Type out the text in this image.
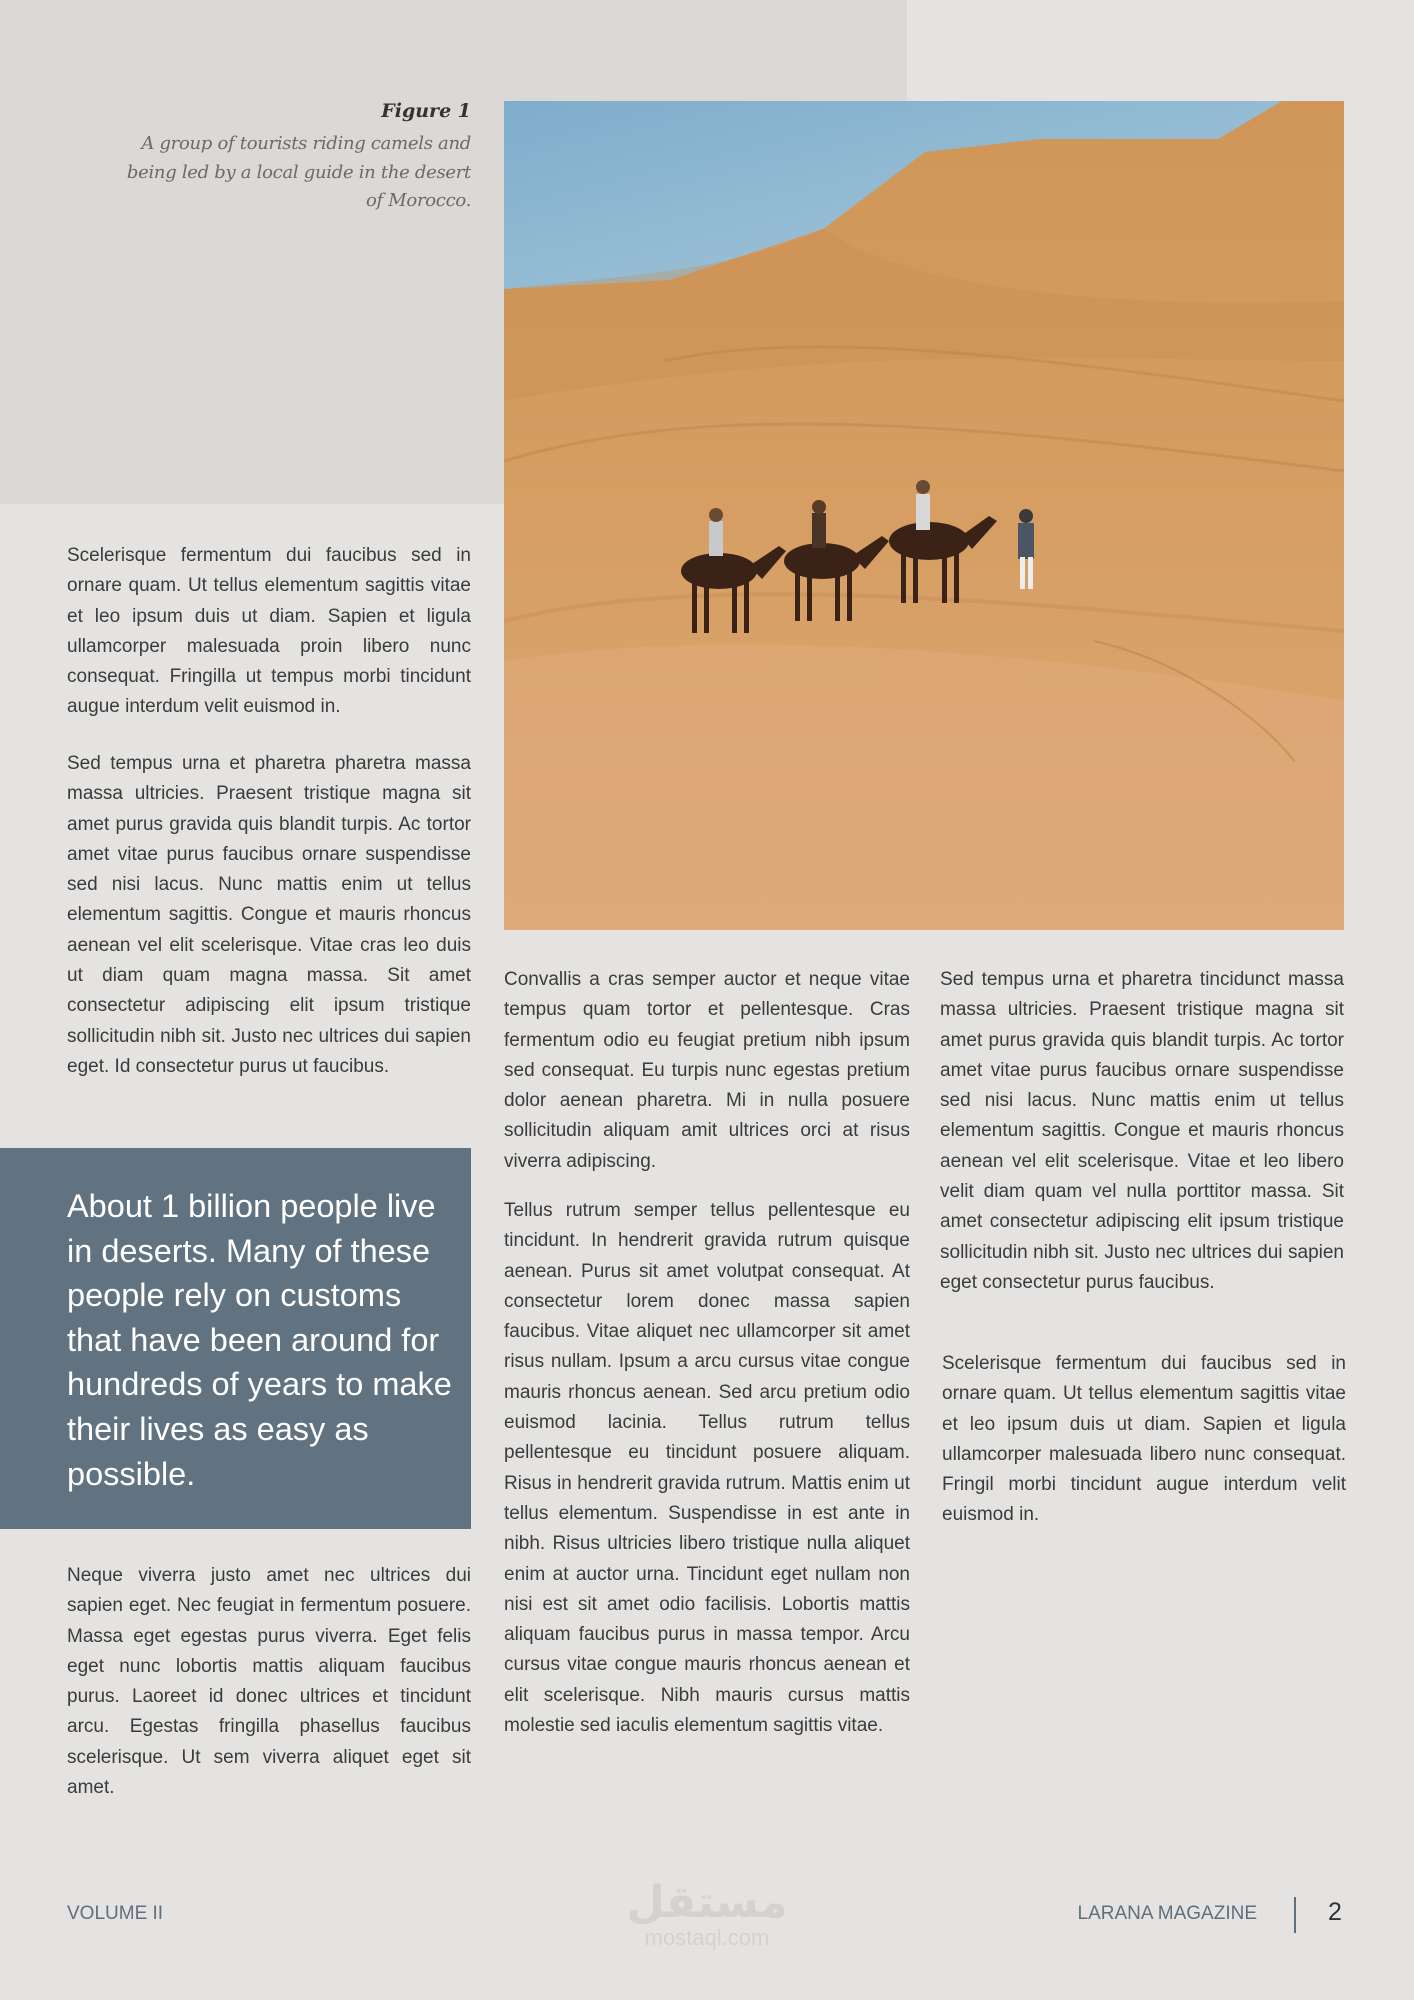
Figure 1
A group of tourists riding camels and being led by a local guide in the desert of Morocco.

Scelerisque fermentum dui faucibus sed in ornare quam. Ut tellus elementum sagittis vitae et leo ipsum duis ut diam. Sapien et ligula ullamcorper malesuada proin libero nunc consequat. Fringilla ut tempus morbi tincidunt augue interdum velit euismod in.

Sed tempus urna et pharetra pharetra massa massa ultricies. Praesent tristique magna sit amet purus gravida quis blandit turpis. Ac tortor amet vitae purus faucibus ornare suspendisse sed nisi lacus. Nunc mattis enim ut tellus elementum sagittis. Congue et mauris rhoncus aenean vel elit scelerisque. Vitae cras leo duis ut diam quam magna massa. Sit amet consectetur adipiscing elit ipsum tristique sollicitudin nibh sit. Justo nec ultrices dui sapien eget. Id consectetur purus ut faucibus.

About 1 billion people live in deserts. Many of these people rely on customs that have been around for hundreds of years to make their lives as easy as possible.

Neque viverra justo amet nec ultrices dui sapien eget. Nec feugiat in fermentum posuere. Massa eget egestas purus viverra. Eget felis eget nunc lobortis mattis aliquam faucibus purus. Laoreet id donec ultrices et tincidunt arcu. Egestas fringilla phasellus faucibus scelerisque. Ut sem viverra aliquet eget sit amet.

Convallis a cras semper auctor et neque vitae tempus quam tortor et pellentesque. Cras fermentum odio eu feugiat pretium nibh ipsum sed consequat. Eu turpis nunc egestas pretium dolor aenean pharetra. Mi in nulla posuere sollicitudin aliquam amit ultrices orci at risus viverra adipiscing.

Tellus rutrum semper tellus pellentesque eu tincidunt. In hendrerit gravida rutrum quisque aenean. Purus sit amet volutpat consequat. At consectetur lorem donec massa sapien faucibus. Vitae aliquet nec ullamcorper sit amet risus nullam. Ipsum a arcu cursus vitae congue mauris rhoncus aenean. Sed arcu pretium odio euismod lacinia. Tellus rutrum tellus pellentesque eu tincidunt posuere aliquam. Risus in hendrerit gravida rutrum. Mattis enim ut tellus elementum. Suspendisse in est ante in nibh. Risus ultricies libero tristique nulla aliquet enim at auctor urna. Tincidunt eget nullam non nisi est sit amet odio facilisis. Lobortis mattis aliquam faucibus purus in massa tempor. Arcu cursus vitae congue mauris rhoncus aenean et elit scelerisque. Nibh mauris cursus mattis molestie sed iaculis elementum sagittis vitae.

Sed tempus urna et pharetra tincidunct massa massa ultricies. Praesent tristique magna sit amet purus gravida quis blandit turpis. Ac tortor amet vitae purus faucibus ornare suspendisse sed nisi lacus. Nunc mattis enim ut tellus elementum sagittis. Congue et mauris rhoncus aenean vel elit scelerisque. Vitae et leo libero velit diam quam vel nulla porttitor massa. Sit amet consectetur adipiscing elit ipsum tristique sollicitudin nibh sit. Justo nec ultrices dui sapien eget consectetur purus faucibus.

Scelerisque fermentum dui faucibus sed in ornare quam. Ut tellus elementum sagittis vitae et leo ipsum duis ut diam. Sapien et ligula ullamcorper malesuada libero nunc consequat. Fringil morbi tincidunt augue interdum velit euismod in.

VOLUME II	مستقل
mostaql.com
LARANA MAGAZINE	2
